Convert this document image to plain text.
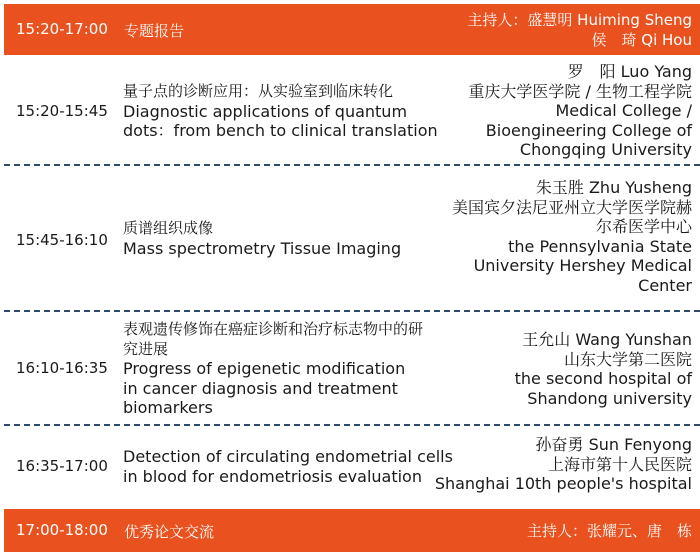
15:20-17:00 专题报告
主持人：盛慧明 Huiming Sheng
侯　琦 Qi Hou
15:20-15:45
量子点的诊断应用：从实验室到临床转化
Diagnostic applications of quantum
dots：from bench to clinical translation
罗　阳 Luo Yang
重庆大学医学院 / 生物工程学院
Medical College /
Bioengineering College of
Chongqing University
15:45-16:10
质谱组织成像
Mass spectrometry Tissue Imaging
朱玉胜 Zhu Yusheng
美国宾夕法尼亚州立大学医学院赫
尔希医学中心
the Pennsylvania State
University Hershey Medical
Center
16:10-16:35
表观遗传修饰在癌症诊断和治疗标志物中的研
究进展
Progress of epigenetic modification
in cancer diagnosis and treatment
biomarkers
王允山 Wang Yunshan
山东大学第二医院
the second hospital of
Shandong university
16:35-17:00 Detection of circulating endometrial cells
in blood for endometriosis evaluation
孙奋勇 Sun Fenyong
上海市第十人民医院
Shanghai 10th people's hospital
17:00-18:00 优秀论文交流	主持人：张耀元、唐　栋
